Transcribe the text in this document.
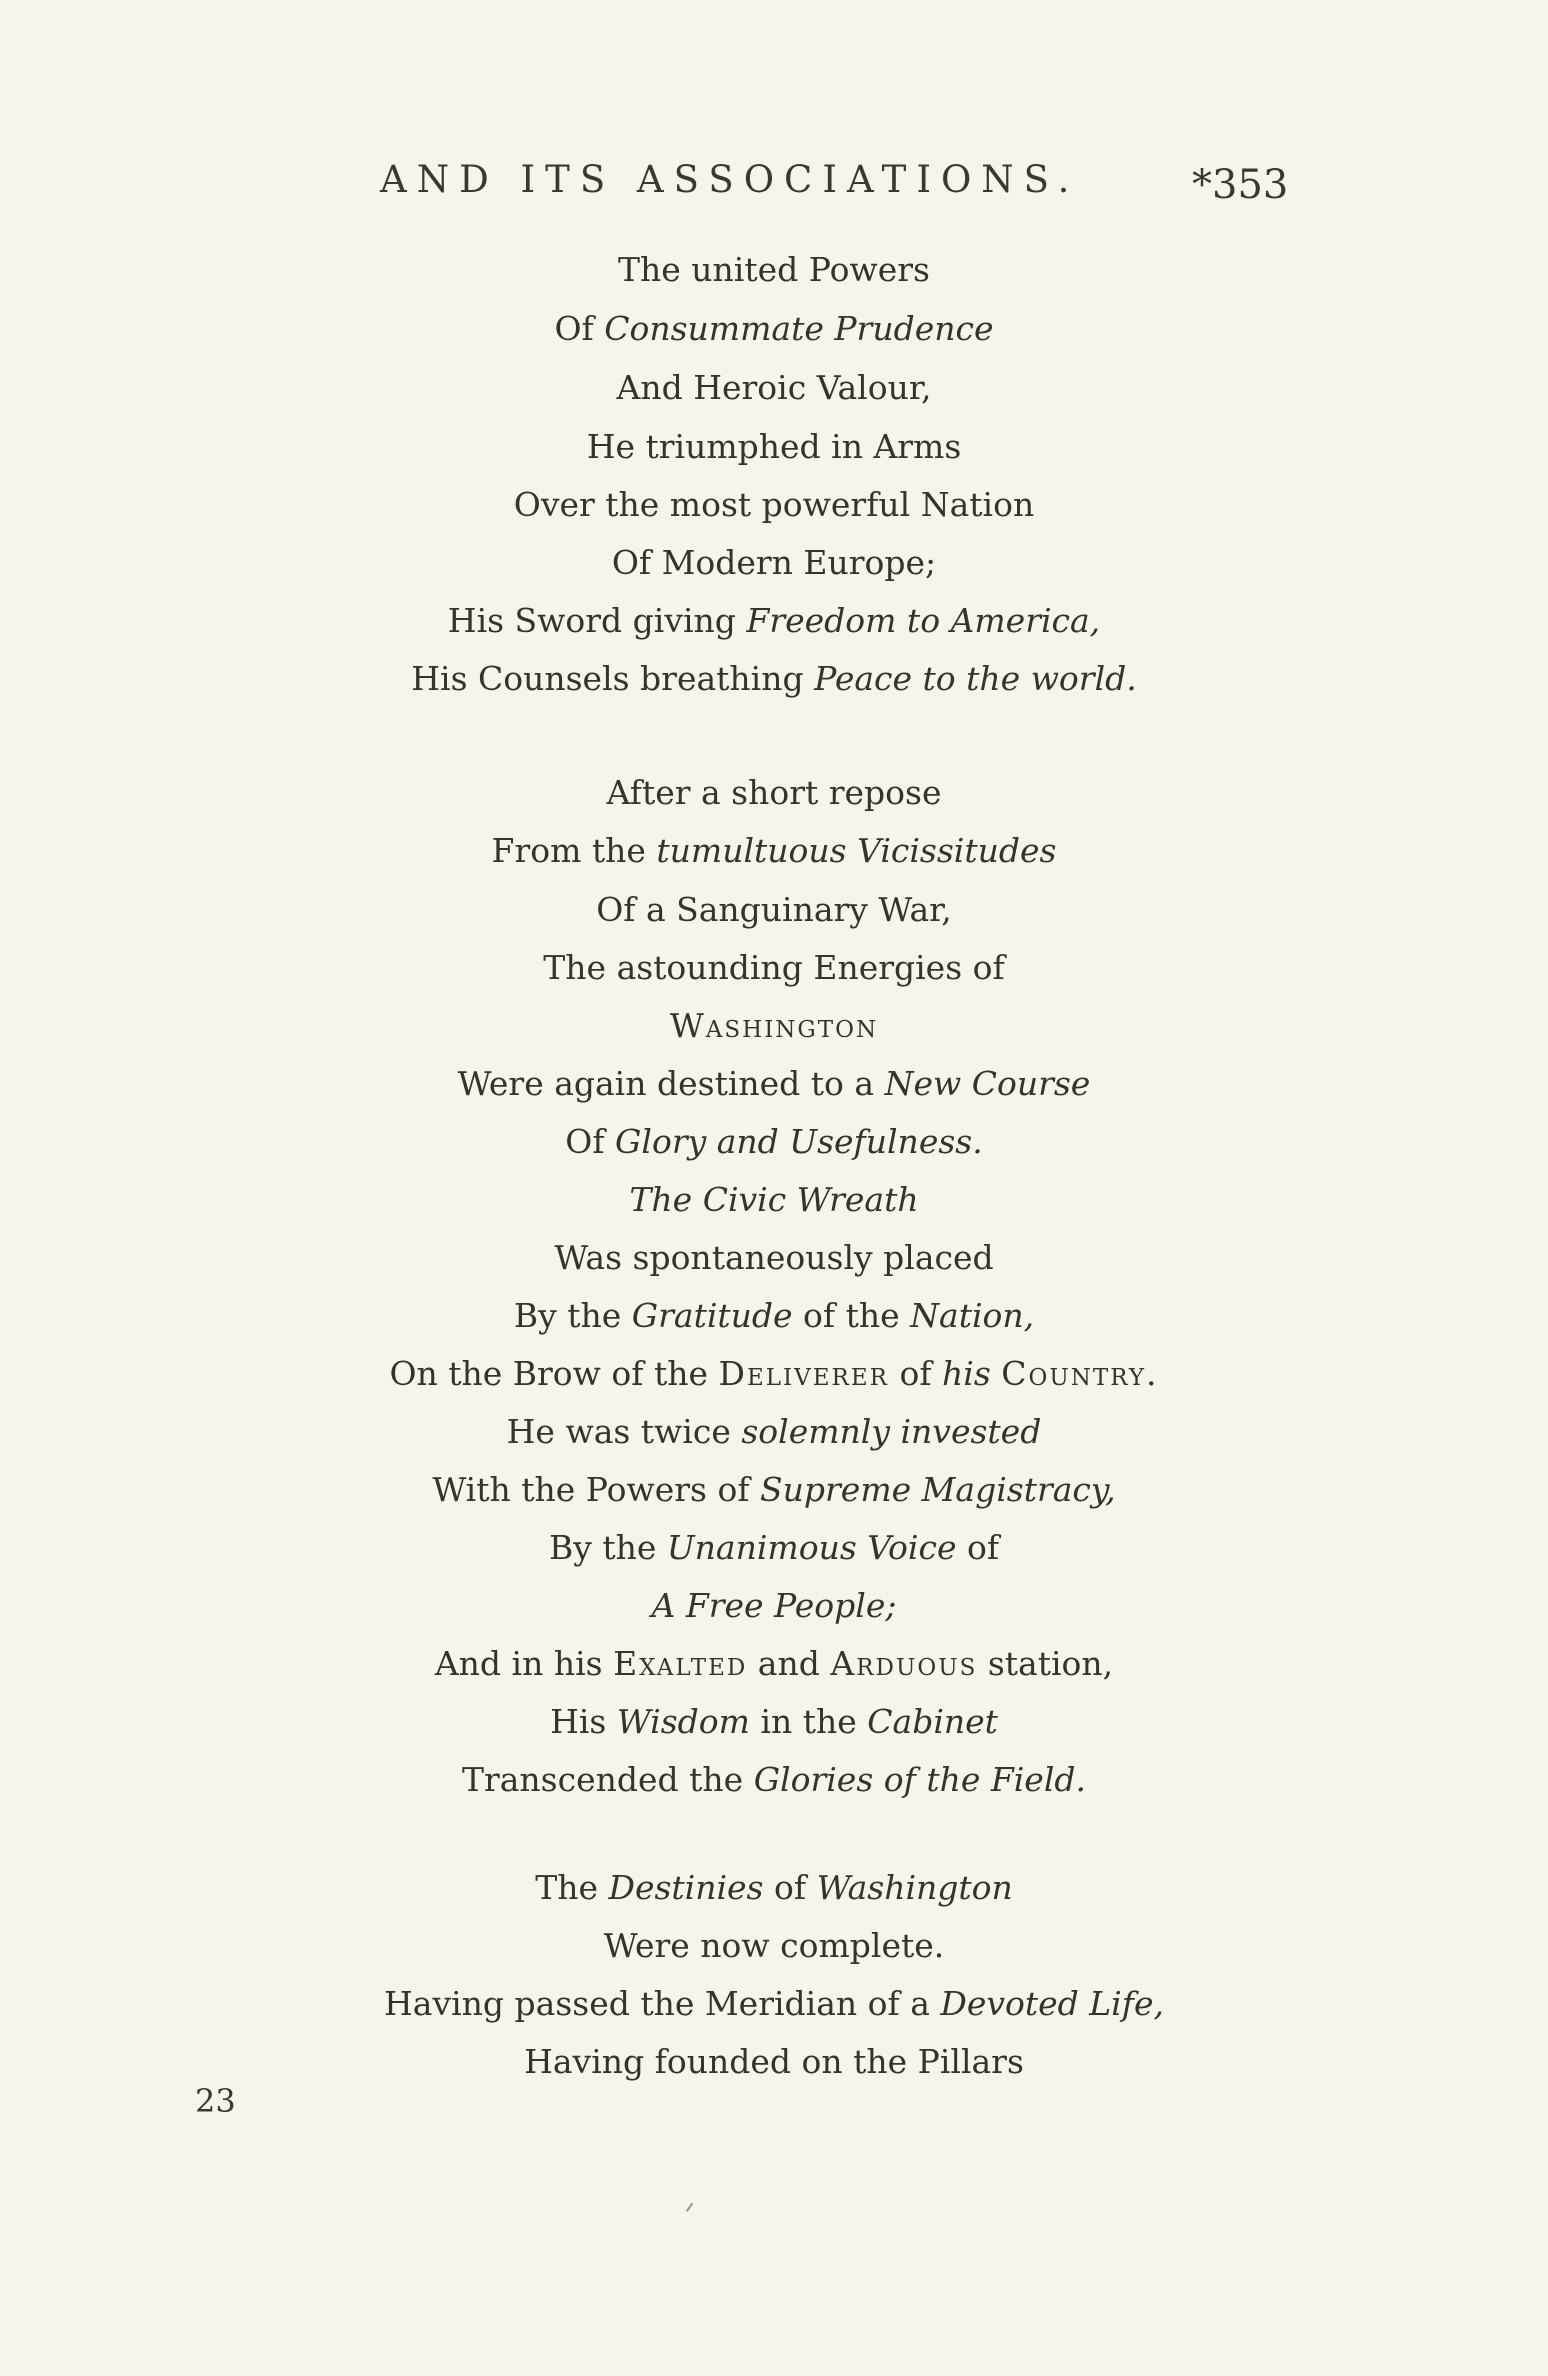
AND ITS ASSOCIATIONS.	*353
The united Powers
Of Consummate Prudence
And Heroic Valour,
He triumphed in Arms
Over the most powerful Nation
Of Modern Europe;
His Sword giving Freedom to America,
His Counsels breathing Peace to the world.
After a short repose
From the tumultuous Vicissitudes
Of a Sanguinary War,
The astounding Energies of
Washington
Were again destined to a New Course
Of Glory and Usefulness.
The Civic Wreath
Was spontaneously placed
By the Gratitude of the Nation,
On the Brow of the Deliverer of his Country.
He was twice solemnly invested
With the Powers of Supreme Magistracy,
By the Unanimous Voice of
A Free People;
And in his Exalted and Arduous station,
His Wisdom in the Cabinet
Transcended the Glories of the Field.
The Destinies of Washington
Were now complete.
Having passed the Meridian of a Devoted Life,
Having founded on the Pillars
23
